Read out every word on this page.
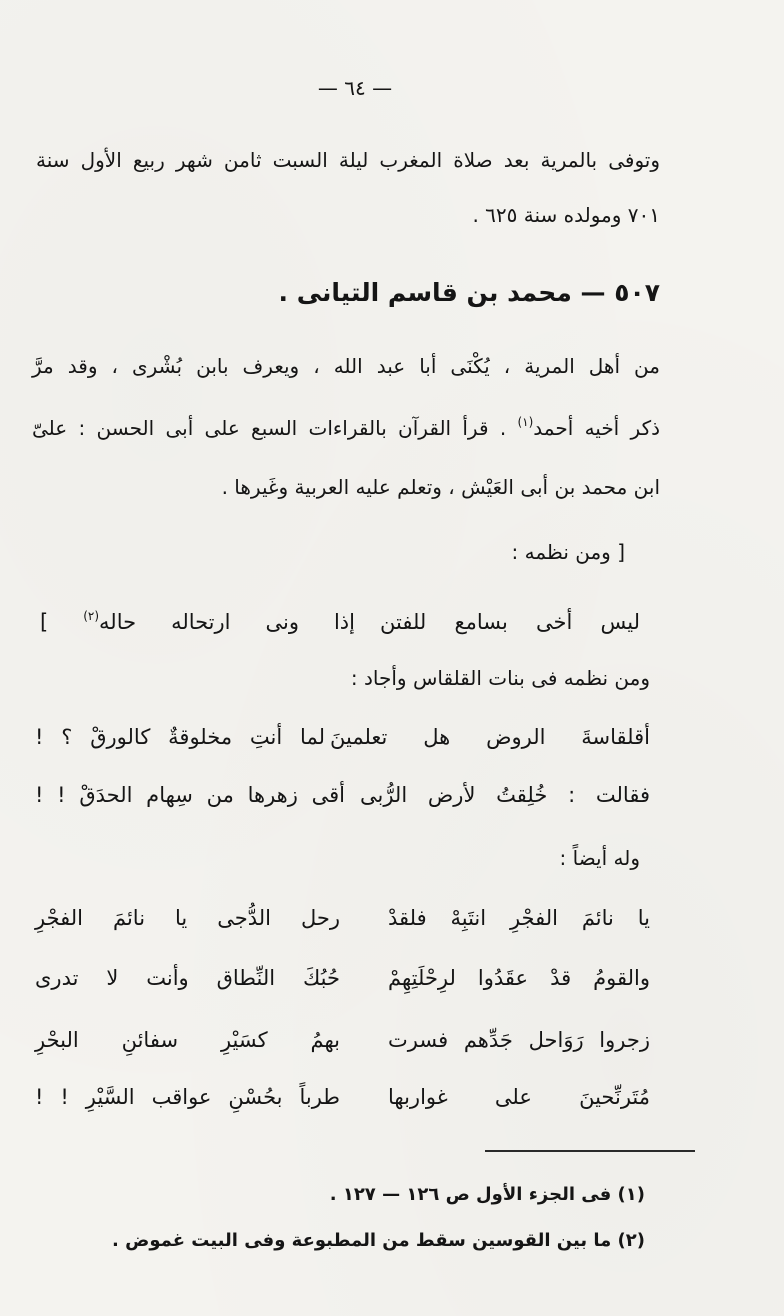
— ٦٤ —
وتوفى بالمرية بعد صلاة المغرب ليلة السبت ثامن شهر ربيع الأول سنة
٧٠١ ومولده سنة ٦٢٥ .
٥٠٧ — محمد بن قاسم التيانى .
من أهل المرية ، يُكْنَى أبا عبد الله ، ويعرف بابن بُشْرى ، وقد مرَّ
ذكر أخيه أحمد$^{(١)}$ . قرأ القرآن بالقراءات السبع على أبى الحسن : علىّ
ابن محمد بن أبى العَيْش ، وتعلم عليه العربية وغَيرها .
[ ومن نظمه :
ليس أخى بسامع للفتن
إذا ونى ارتحاله حاله$^{(٢)}$ ]
ومن نظمه فى بنات القلقاس وأجاد :
أقلقاسةَ الروض هل تعلمينَ
لما أنتِ مخلوقةٌ كالورقْ ؟ !
فقالت : خُلِقتُ لأرض الرُّبى
أقى زهرها من سِهام الحدَقْ ! !
وله أيضاً :
يا نائمَ الفجْرِ انتَبِهْ فلقدْ
رحل الدُّجى يا نائمَ الفجْرِ
والقومُ قدْ عقَدُوا لرِحْلَتِهِمْ
حُبُكَ النِّطاق وأنت لا تدرى
زجروا رَوَاحل جَدِّهم فسرت
بهمُ كسَيْرِ سفائنِ البحْرِ
مُتَرنِّحينَ على غواربها
طرباً بحُسْنِ عواقب السَّيْرِ ! !
(١) فى الجزء الأول ص ١٢٦ — ١٢٧ .
(٢) ما بين القوسين سقط من المطبوعة وفى البيت غموض .
